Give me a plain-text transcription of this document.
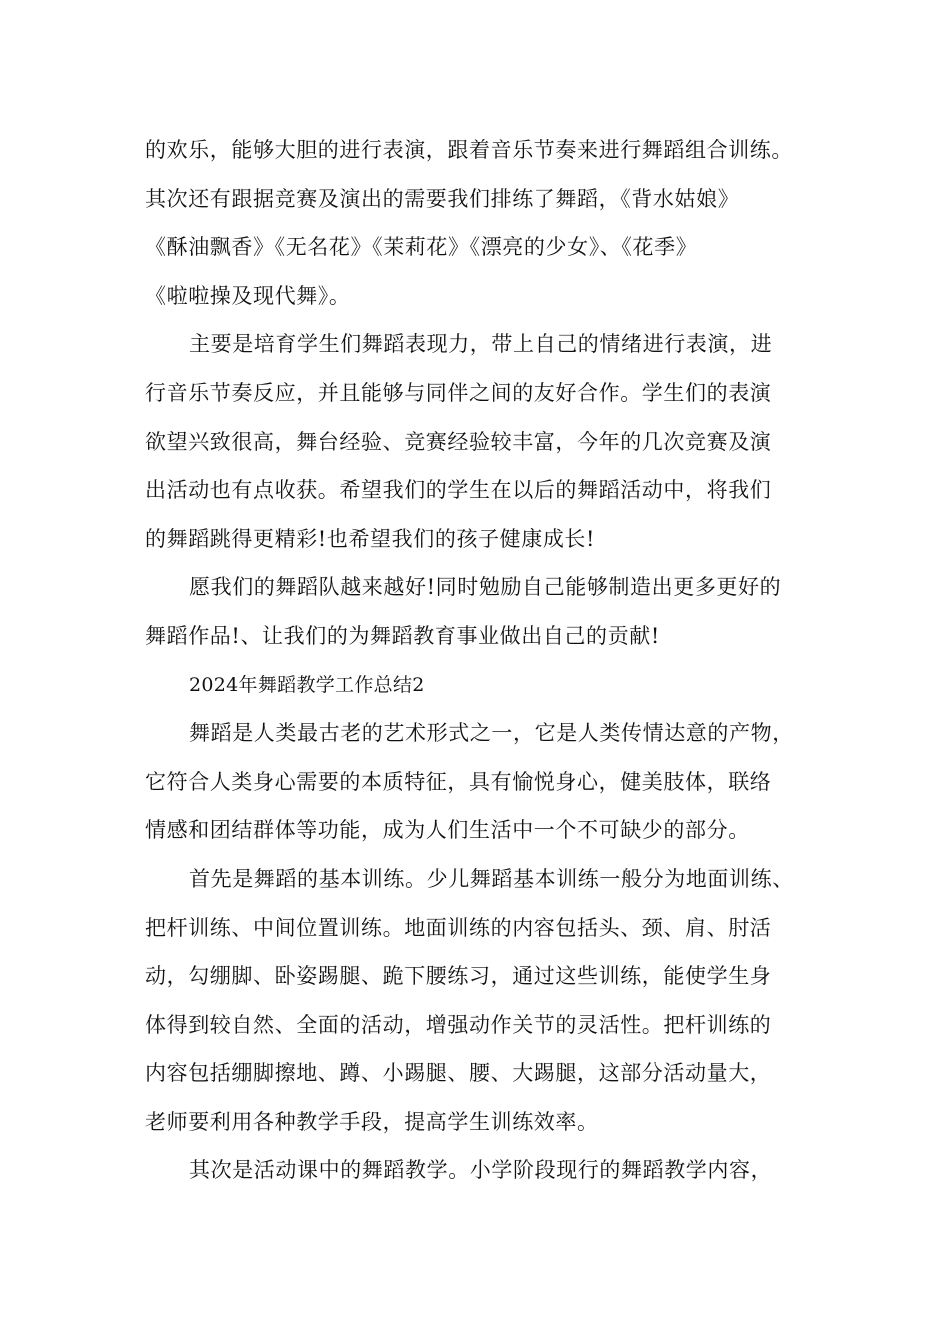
的欢乐，能够大胆的进行表演，跟着音乐节奏来进行舞蹈组合训练。
其次还有跟据竞赛及演出的需要我们排练了舞蹈，《背水姑娘》
《酥油飘香》《无名花》《茉莉花》《漂亮的少女》、《花季》
《啦啦操及现代舞》。
主要是培育学生们舞蹈表现力，带上自己的情绪进行表演，进
行音乐节奏反应，并且能够与同伴之间的友好合作。学生们的表演
欲望兴致很高，舞台经验、竞赛经验较丰富，今年的几次竞赛及演
出活动也有点收获。希望我们的学生在以后的舞蹈活动中，将我们
的舞蹈跳得更精彩!也希望我们的孩子健康成长!
愿我们的舞蹈队越来越好!同时勉励自己能够制造出更多更好的
舞蹈作品!、让我们的为舞蹈教育事业做出自己的贡献!
2024年舞蹈教学工作总结2
舞蹈是人类最古老的艺术形式之一，它是人类传情达意的产物，
它符合人类身心需要的本质特征，具有愉悦身心，健美肢体，联络
情感和团结群体等功能，成为人们生活中一个不可缺少的部分。
首先是舞蹈的基本训练。少儿舞蹈基本训练一般分为地面训练、
把杆训练、中间位置训练。地面训练的内容包括头、颈、肩、肘活
动，勾绷脚、卧姿踢腿、跪下腰练习，通过这些训练，能使学生身
体得到较自然、全面的活动，增强动作关节的灵活性。把杆训练的
内容包括绷脚擦地、蹲、小踢腿、腰、大踢腿，这部分活动量大，
老师要利用各种教学手段，提高学生训练效率。
其次是活动课中的舞蹈教学。小学阶段现行的舞蹈教学内容，
